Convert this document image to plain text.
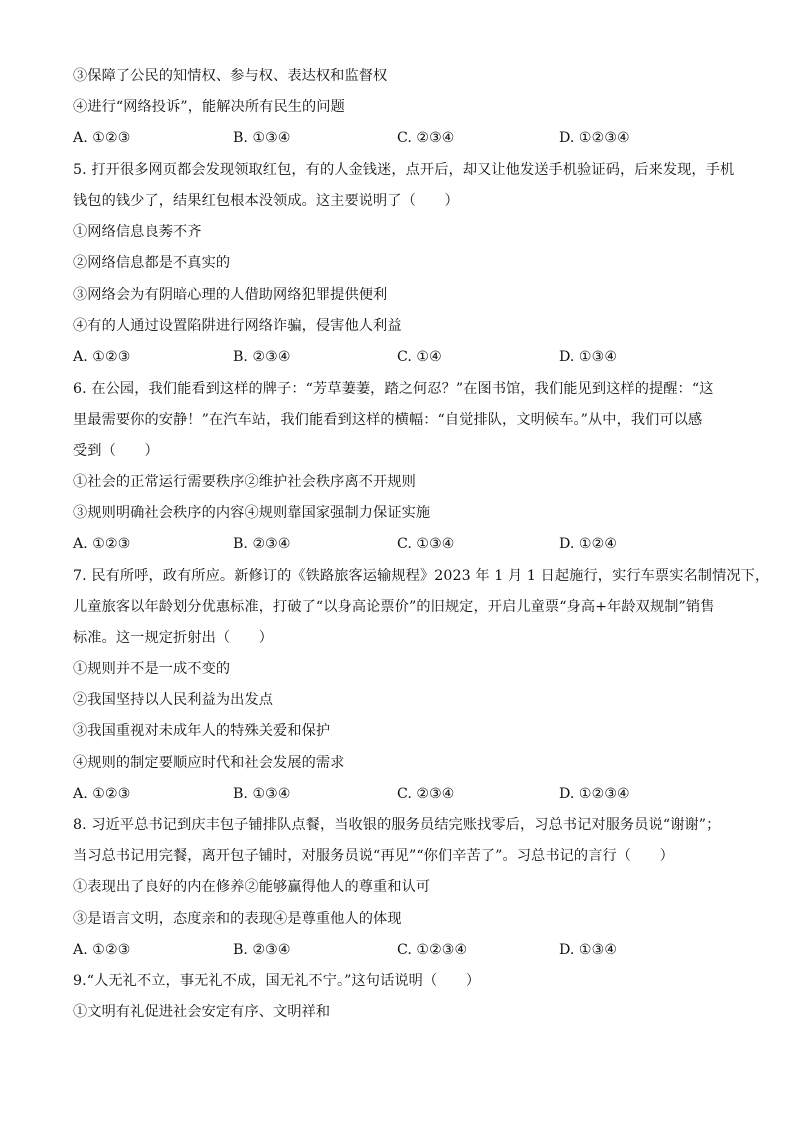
③保障了公民的知情权、参与权、表达权和监督权
④进行“网络投诉”，能解决所有民生的问题
A. ①②③	B. ①③④	C. ②③④	D. ①②③④
5. 打开很多网页都会发现领取红包，有的人金钱迷，点开后，却又让他发送手机验证码，后来发现，手机
钱包的钱少了，结果红包根本没领成。这主要说明了（　　）
①网络信息良莠不齐
②网络信息都是不真实的
③网络会为有阴暗心理的人借助网络犯罪提供便利
④有的人通过设置陷阱进行网络诈骗，侵害他人利益
A. ①②③	B. ②③④	C. ①④	D. ①③④
6. 在公园，我们能看到这样的牌子：“芳草萋萋，踏之何忍？”在图书馆，我们能见到这样的提醒：“这
里最需要你的安静！”在汽车站，我们能看到这样的横幅：“自觉排队，文明候车。”从中，我们可以感
受到（　　）
①社会的正常运行需要秩序②维护社会秩序离不开规则
③规则明确社会秩序的内容④规则靠国家强制力保证实施
A. ①②③	B. ②③④	C. ①③④	D. ①②④
7. 民有所呼，政有所应。新修订的《铁路旅客运输规程》2023 年 1 月 1 日起施行，实行车票实名制情况下，
儿童旅客以年龄划分优惠标准，打破了“以身高论票价”的旧规定，开启儿童票“身高+年龄双规制”销售
标准。这一规定折射出（　　）
①规则并不是一成不变的
②我国坚持以人民利益为出发点
③我国重视对未成年人的特殊关爱和保护
④规则的制定要顺应时代和社会发展的需求
A. ①②③	B. ①③④	C. ②③④	D. ①②③④
8. 习近平总书记到庆丰包子铺排队点餐，当收银的服务员结完账找零后，习总书记对服务员说“谢谢”；
当习总书记用完餐，离开包子铺时，对服务员说“再见”“你们辛苦了”。习总书记的言行（　　）
①表现出了良好的内在修养②能够赢得他人的尊重和认可
③是语言文明，态度亲和的表现④是尊重他人的体现
A. ①②③	B. ②③④	C. ①②③④	D. ①③④
9.“人无礼不立，事无礼不成，国无礼不宁。”这句话说明（　　）
①文明有礼促进社会安定有序、文明祥和
